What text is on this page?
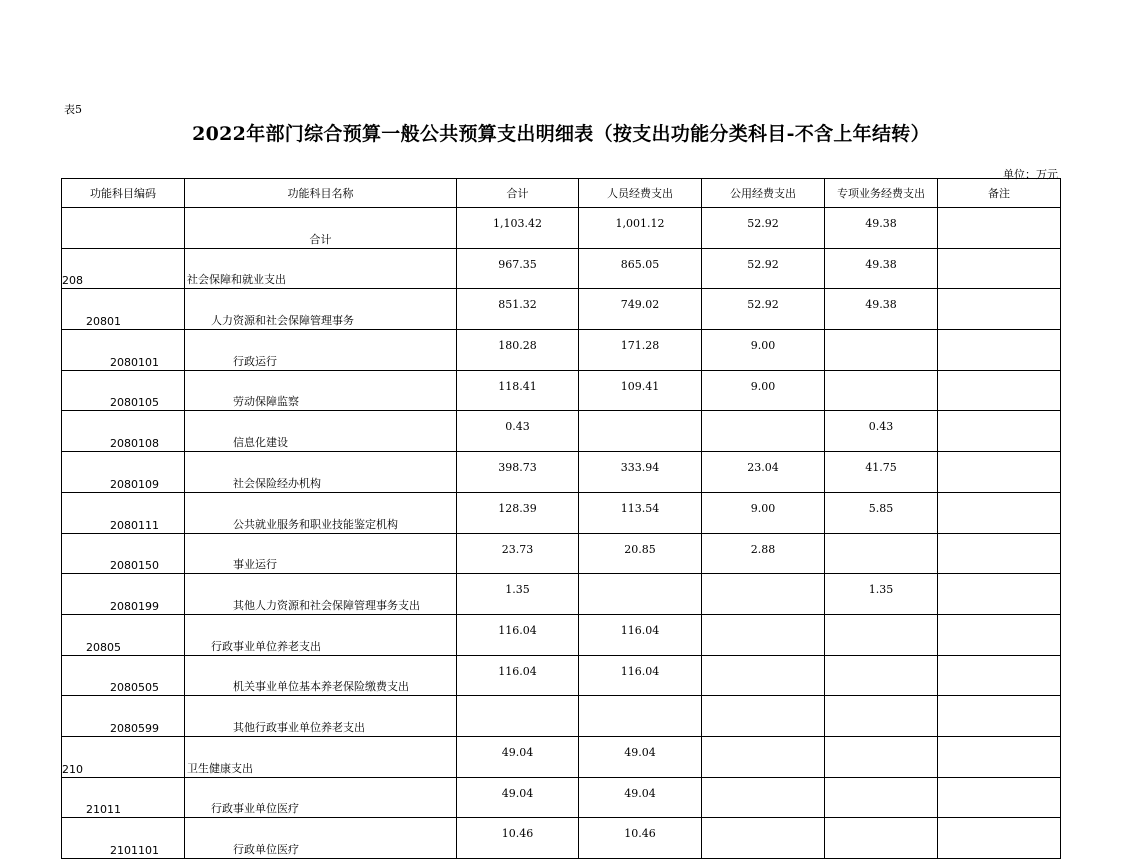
表5
2022年部门综合预算一般公共预算支出明细表（按支出功能分类科目-不含上年结转）
单位：万元
功能科目编码	功能科目名称	合计	人员经费支出	公用经费支出	专项业务经费支出	备注
	合计	1,103.42	1,001.12	52.92	49.38	
208	社会保障和就业支出	967.35	865.05	52.92	49.38	
20801	人力资源和社会保障管理事务	851.32	749.02	52.92	49.38	
2080101	行政运行	180.28	171.28	9.00		
2080105	劳动保障监察	118.41	109.41	9.00		
2080108	信息化建设	0.43			0.43	
2080109	社会保险经办机构	398.73	333.94	23.04	41.75	
2080111	公共就业服务和职业技能鉴定机构	128.39	113.54	9.00	5.85	
2080150	事业运行	23.73	20.85	2.88		
2080199	其他人力资源和社会保障管理事务支出	1.35			1.35	
20805	行政事业单位养老支出	116.04	116.04			
2080505	机关事业单位基本养老保险缴费支出	116.04	116.04			
2080599	其他行政事业单位养老支出					
210	卫生健康支出	49.04	49.04			
21011	行政事业单位医疗	49.04	49.04			
2101101	行政单位医疗	10.46	10.46			
